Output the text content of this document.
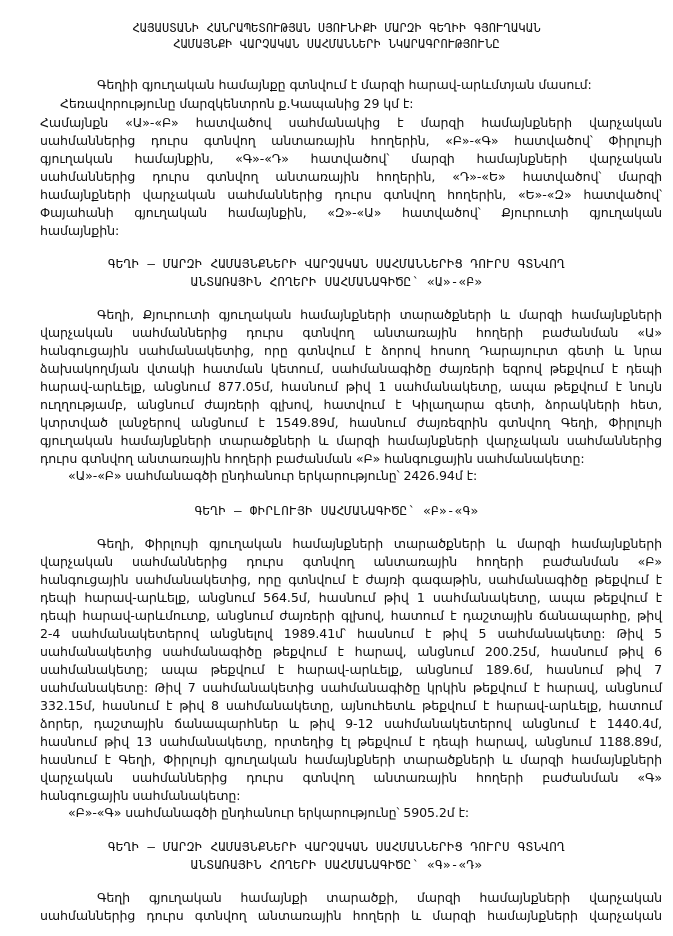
ՀԱՅԱՍՏԱՆԻ ՀԱՆՐԱՊԵՏՈՒԹՅԱՆ ՍՅՈՒՆԻՔԻ ՄԱՐԶԻ ԳԵՂԻԻ ԳՅՈՒՂԱԿԱՆ
ՀԱՄԱՅՆՔԻ ՎԱՐՉԱԿԱՆ ՍԱՀՄԱՆՆԵՐԻ ՆԿԱՐԱԳՐՈՒԹՅՈՒՆԸ
Գեղիի գյուղական համայնքը գտնվում է մարզի հարավ-արևմտյան մասում:
Հեռավորությունը մարզկենտրոն ք.Կապանից 29 կմ է:
Համայնքն «Ա»-«Բ» հատվածով սահմանակից է մարզի համայնքների վարչական
սահմաններից դուրս գտնվող անտառային հողերին, «Բ»-«Գ» հատվածով՝ Փիրլույի
գյուղական համայնքին, «Գ»-«Դ» հատվածով՝ մարզի համայնքների վարչական
սահմաններից դուրս գտնվող անտառային հողերին, «Դ»-«Ե» հատվածով՝ մարզի
համայնքների վարչական սահմաններից դուրս գտնվող հողերին, «Ե»-«Զ» հատվածով՝
Փայահանի գյուղական համայնքին, «Զ»-«Ա» հատվածով՝ Քյուրուտի գյուղական
համայնքին:
ԳԵՂԻ – ՄԱՐԶԻ ՀԱՄԱՅՆՔՆԵՐԻ ՎԱՐՉԱԿԱՆ ՍԱՀՄԱՆՆԵՐԻՑ ԴՈՒՐՍ ԳՏՆՎՈՂ
ԱՆՏԱՌԱՅԻՆ ՀՈՂԵՐԻ ՍԱՀՄԱՆԱԳԻԾԸ՝ «Ա»-«Բ»
Գեղի, Քյուրուտի գյուղական համայնքների տարածքների և մարզի համայնքների
վարչական սահմաններից դուրս գտնվող անտառային հողերի բաժանման «Ա»
հանգուցային սահմանակետից, որը գտնվում է ձորով հոսող Դարայուրտ գետի և նրա
ձախակողմյան վտակի հատման կետում, սահմանագիծը ժայռերի եզրով թեքվում է դեպի
հարավ-արևելք, անցնում 877.05մ, հասնում թիվ 1 սահմանակետը, ապա թեքվում է նույն
ուղղությամբ, անցնում ժայռերի գլխով, հատվում է Կիլաղարա գետի, ձորակների հետ,
կտրտված լանջերով անցնում է 1549.89մ, հասնում ժայռեզրին գտնվող Գեղի, Փիրլույի
գյուղական համայնքների տարածքների և մարզի համայնքների վարչական սահմաններից
դուրս գտնվող անտառային հողերի բաժանման «Բ» հանգուցային սահմանակետը:
«Ա»-«Բ» սահմանագծի ընդհանուր երկարությունը՝ 2426.94մ է:
ԳԵՂԻ – ՓԻՐԼՈՒՅԻ ՍԱՀՄԱՆԱԳԻԾԸ՝ «Բ»-«Գ»
Գեղի, Փիրլույի գյուղական համայնքների տարածքների և մարզի համայնքների
վարչական սահմաններից դուրս գտնվող անտառային հողերի բաժանման «Բ»
հանգուցային սահմանակետից, որը գտնվում է ժայռի գագաթին, սահմանագիծը թեքվում է
դեպի հարավ-արևելք, անցնում 564.5մ, հասնում թիվ 1 սահմանակետը, ապա թեքվում է
դեպի հարավ-արևմուտք, անցնում ժայռերի գլխով, հատում է դաշտային ճանապարհը, թիվ
2-4 սահմանակետերով անցնելով 1989.41մ՝ հասնում է թիվ 5 սահմանակետը: Թիվ 5
սահմանակետից սահմանագիծը թեքվում է հարավ, անցնում 200.25մ, հասնում թիվ 6
սահմանակետը; ապա թեքվում է հարավ-արևելք, անցնում 189.6մ, հասնում թիվ 7
սահմանակետը: Թիվ 7 սահմանակետից սահմանագիծը կրկին թեքվում է հարավ, անցնում
332.15մ, հասնում է թիվ 8 սահմանակետը, այնուհետև թեքվում է հարավ-արևելք, հատում
ձորեր, դաշտային ճանապարհներ և թիվ 9-12 սահմանակետերով անցնում է 1440.4մ,
հասնում թիվ 13 սահմանակետը, որտեղից էլ թեքվում է դեպի հարավ, անցնում 1188.89մ,
հասնում է Գեղի, Փիրլույի գյուղական համայնքների տարածքների և մարզի համայնքների
վարչական սահմաններից դուրս գտնվող անտառային հողերի բաժանման «Գ»
հանգուցային սահմանակետը:
«Բ»-«Գ» սահմանագծի ընդհանուր երկարությունը՝ 5905.2մ է:
ԳԵՂԻ – ՄԱՐԶԻ ՀԱՄԱՅՆՔՆԵՐԻ ՎԱՐՉԱԿԱՆ ՍԱՀՄԱՆՆԵՐԻՑ ԴՈՒՐՍ ԳՏՆՎՈՂ
ԱՆՏԱՌԱՅԻՆ ՀՈՂԵՐԻ ՍԱՀՄԱՆԱԳԻԾԸ՝ «Գ»-«Դ»
Գեղի գյուղական համայնքի տարածքի, մարզի համայնքների վարչական
սահմաններից դուրս գտնվող անտառային հողերի և մարզի համայնքների վարչական
